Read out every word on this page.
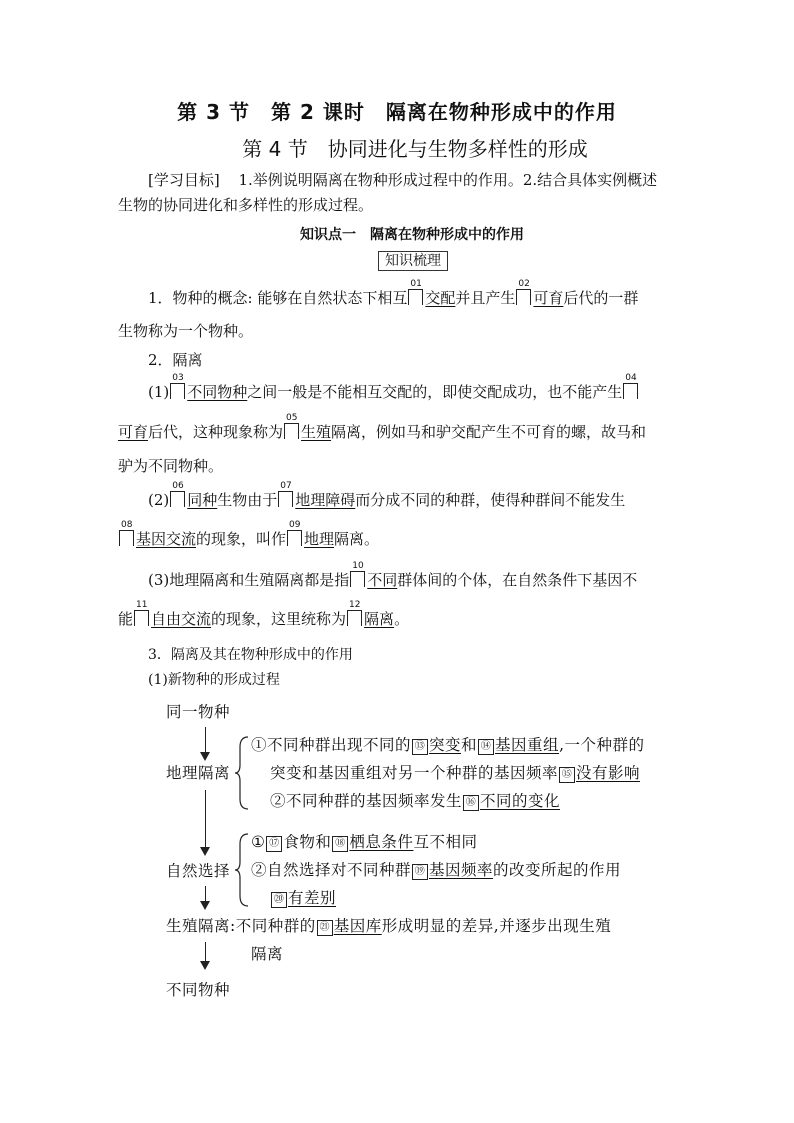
第 3 节　第 2 课时　隔离在物种形成中的作用
第 4 节　协同进化与生物多样性的形成
[学习目标] 1.举例说明隔离在物种形成过程中的作用。2.结合具体实例概述
生物的协同进化和多样性的形成过程。
知识点一　隔离在物种形成中的作用
知识梳理
1．物种的概念: 能够在自然状态下相互
01
交配并且产生
02
可育后代的一群
生物称为一个物种。
2．隔离
(1)
03
不同物种之间一般是不能相互交配的，即使交配成功，也不能产生
04
可育后代，这种现象称为
05
生殖隔离，例如马和驴交配产生不可育的螺，故马和
驴为不同物种。
(2)
06
同种生物由于
07
地理障碍而分成不同的种群，使得种群间不能发生
08
基因交流的现象，叫作
09
地理隔离。
(3)地理隔离和生殖隔离都是指
10
不同群体间的个体，在自然条件下基因不
能
11
自由交流的现象，这里统称为
12
隔离。
3．隔离及其在物种形成中的作用
(1)新物种的形成过程
同一物种
地理隔离
①不同种群出现不同的 ⑬ 突变和 ⑭ 基因重组,一个种群的
突变和基因重组对另一个种群的基因频率 ⑮ 没有影响
②不同种群的基因频率发生 ⑯ 不同的变化
自然选择
① ⑰ 食物和 ⑱ 栖息条件互不相同
②自然选择对不同种群 ⑲ 基因频率的改变所起的作用
⑳ 有差别
生殖隔离:不同种群的 ㉑ 基因库形成明显的差异,并逐步出现生殖
隔离
不同物种
